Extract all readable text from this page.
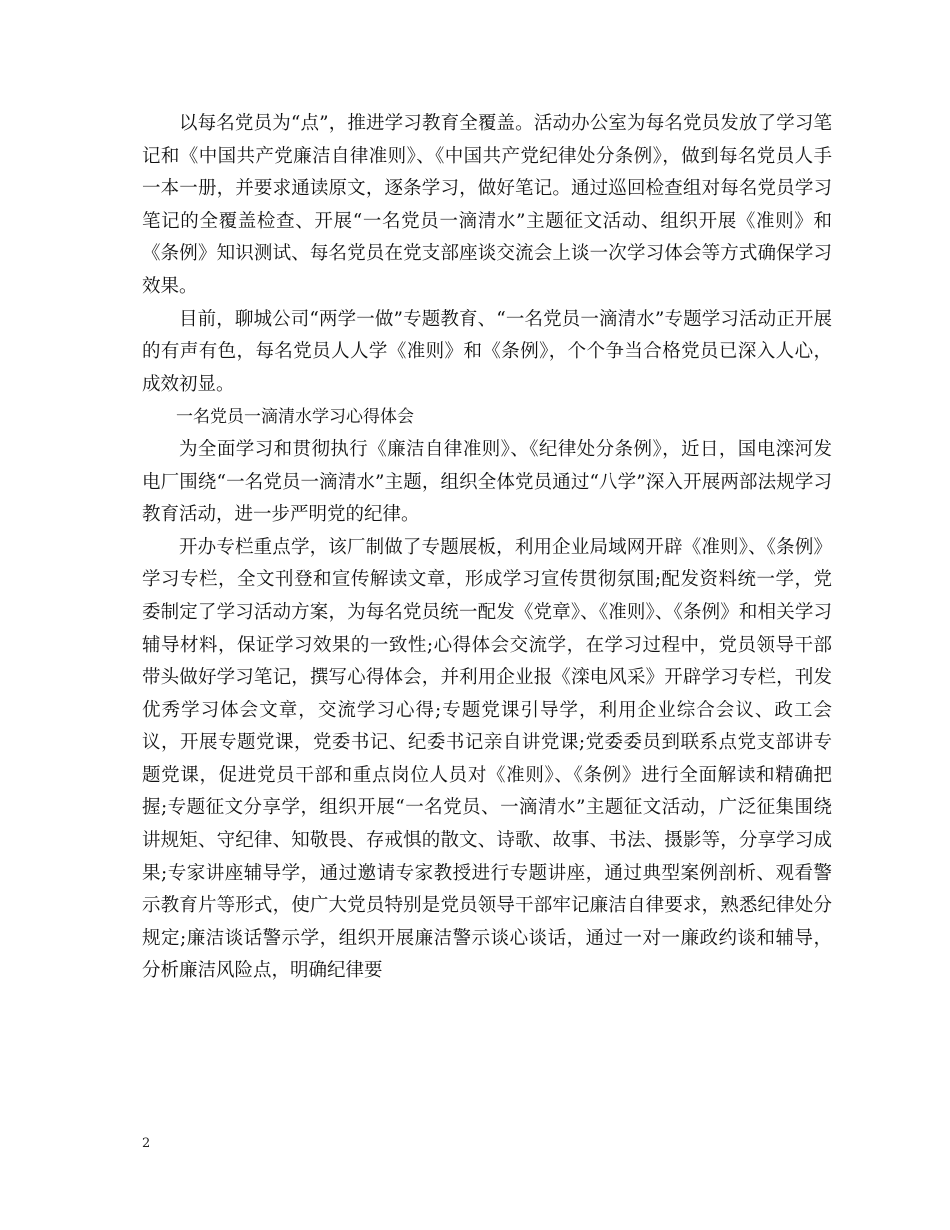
以每名党员为“点”，推进学习教育全覆盖。活动办公室为每名党员发放了学习笔记和《中国共产党廉洁自律准则》、《中国共产党纪律处分条例》，做到每名党员人手一本一册，并要求通读原文，逐条学习，做好笔记。通过巡回检查组对每名党员学习笔记的全覆盖检查、开展“一名党员一滴清水”主题征文活动、组织开展《准则》和《条例》知识测试、每名党员在党支部座谈交流会上谈一次学习体会等方式确保学习效果。

目前，聊城公司“两学一做”专题教育、“一名党员一滴清水”专题学习活动正开展的有声有色，每名党员人人学《准则》和《条例》，个个争当合格党员已深入人心，成效初显。

一名党员一滴清水学习心得体会

为全面学习和贯彻执行《廉洁自律准则》、《纪律处分条例》，近日，国电滦河发电厂围绕“一名党员一滴清水”主题，组织全体党员通过“八学”深入开展两部法规学习教育活动，进一步严明党的纪律。

开办专栏重点学，该厂制做了专题展板，利用企业局域网开辟《准则》、《条例》学习专栏，全文刊登和宣传解读文章，形成学习宣传贯彻氛围;配发资料统一学，党委制定了学习活动方案，为每名党员统一配发《党章》、《准则》、《条例》和相关学习辅导材料，保证学习效果的一致性;心得体会交流学，在学习过程中，党员领导干部带头做好学习笔记，撰写心得体会，并利用企业报《滦电风采》开辟学习专栏，刊发优秀学习体会文章，交流学习心得;专题党课引导学，利用企业综合会议、政工会议，开展专题党课，党委书记、纪委书记亲自讲党课;党委委员到联系点党支部讲专题党课，促进党员干部和重点岗位人员对《准则》、《条例》进行全面解读和精确把握;专题征文分享学，组织开展“一名党员、一滴清水”主题征文活动，广泛征集围绕讲规矩、守纪律、知敬畏、存戒惧的散文、诗歌、故事、书法、摄影等，分享学习成果;专家讲座辅导学，通过邀请专家教授进行专题讲座，通过典型案例剖析、观看警示教育片等形式，使广大党员特别是党员领导干部牢记廉洁自律要求，熟悉纪律处分规定;廉洁谈话警示学，组织开展廉洁警示谈心谈话，通过一对一廉政约谈和辅导，分析廉洁风险点，明确纪律要

2
